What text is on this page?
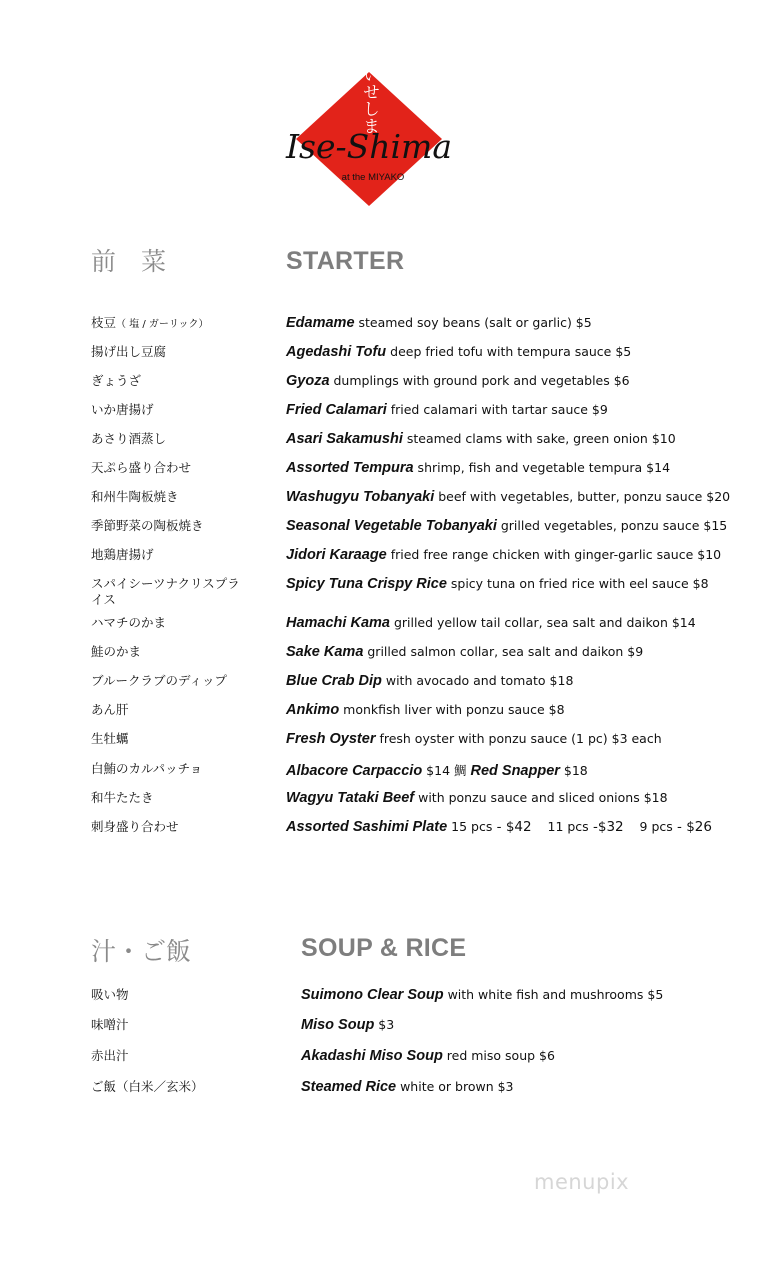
いせしま
Ise-Shima
at the MIYAKO
前　菜	STARTER
枝豆（ 塩 / ガーリック）	Edamame steamed soy beans (salt or garlic) $5
揚げ出し豆腐	Agedashi Tofu deep fried tofu with tempura sauce $5
ぎょうざ	Gyoza dumplings with ground pork and vegetables $6
いか唐揚げ	Fried Calamari fried calamari with tartar sauce $9
あさり酒蒸し	Asari Sakamushi steamed clams with sake, green onion $10
天ぷら盛り合わせ	Assorted Tempura shrimp, fish and vegetable tempura $14
和州牛陶板焼き	Washugyu Tobanyaki beef with vegetables, butter, ponzu sauce $20
季節野菜の陶板焼き	Seasonal Vegetable Tobanyaki grilled vegetables, ponzu sauce $15
地鶏唐揚げ	Jidori Karaage fried free range chicken with ginger-garlic sauce $10
スパイシーツナクリスプライス
Spicy Tuna Crispy Rice spicy tuna on fried rice with eel sauce $8
ハマチのかま	Hamachi Kama grilled yellow tail collar, sea salt and daikon $14
鮭のかま	Sake Kama grilled salmon collar, sea salt and daikon $9
ブルークラブのディップ	Blue Crab Dip with avocado and tomato $18
あん肝	Ankimo monkfish liver with ponzu sauce $8
生牡蠣	Fresh Oyster fresh oyster with ponzu sauce (1 pc) $3 each
白鮪のカルパッチョ	Albacore Carpaccio $14 鯛 Red Snapper $18
和牛たたき	Wagyu Tataki Beef with ponzu sauce and sliced onions $18
刺身盛り合わせ	Assorted Sashimi Plate 15 pcs - $42    11 pcs -$32    9 pcs - $26
汁・ご飯	SOUP & RICE
吸い物	Suimono Clear Soup with white fish and mushrooms $5
味噌汁	Miso Soup $3
赤出汁	Akadashi Miso Soup red miso soup $6
ご飯（白米／玄米）	Steamed Rice white or brown $3
menupix
